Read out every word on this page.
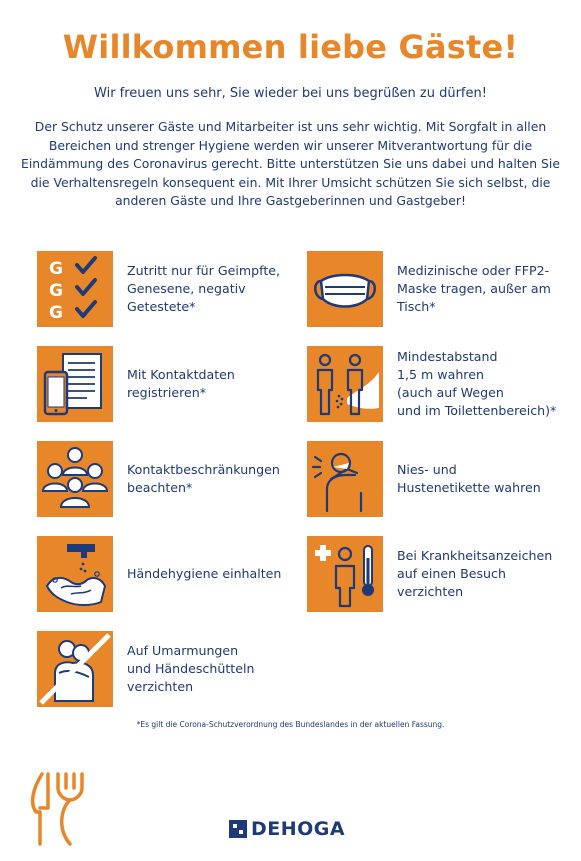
Willkommen liebe Gäste!
Wir freuen uns sehr, Sie wieder bei uns begrüßen zu dürfen!
Der Schutz unserer Gäste und Mitarbeiter ist uns sehr wichtig. Mit Sorgfalt in allen Bereichen und strenger Hygiene werden wir unserer Mitverantwortung für die Eindämmung des Coronavirus gerecht. Bitte unterstützen Sie uns dabei und halten Sie die Verhaltensregeln konsequent ein. Mit Ihrer Umsicht schützen Sie sich selbst, die anderen Gäste und Ihre Gastgeberinnen und Gastgeber!
G
G
G
Zutritt nur für Geimpfte,
Genesene, negativ
Getestete*
Medizinische oder FFP2-
Maske tragen, außer am
Tisch*
Mit Kontaktdaten
registrieren*
Mindestabstand
1,5 m wahren
(auch auf Wegen
und im Toilettenbereich)*
Kontaktbeschränkungen
beachten*
Nies- und
Hustenetikette wahren
Händehygiene einhalten
Bei Krankheitsanzeichen
auf einen Besuch
verzichten
Auf Umarmungen
und Händeschütteln
verzichten
*Es gilt die Corona-Schutzverordnung des Bundeslandes in der aktuellen Fassung.
DEHOGA
